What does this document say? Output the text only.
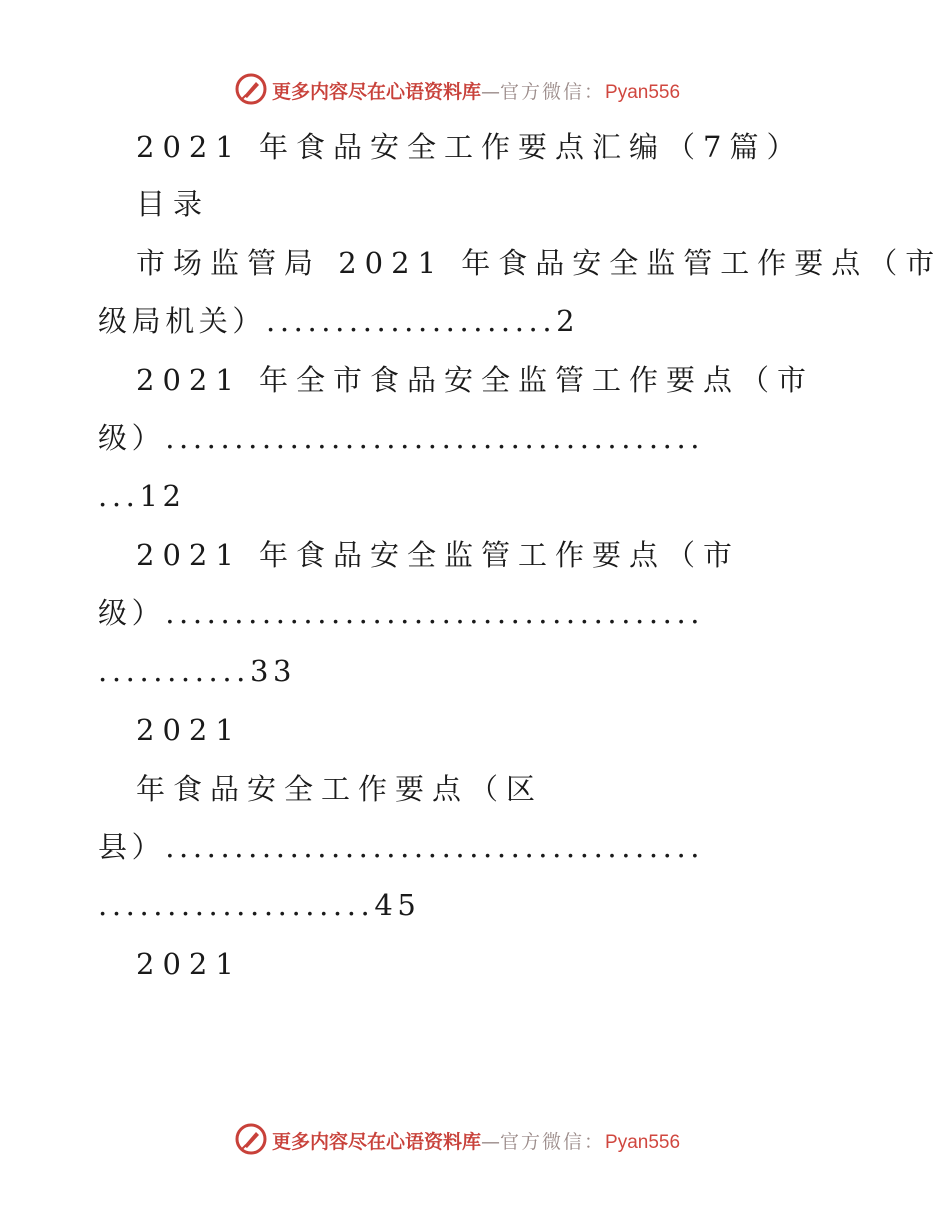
更多内容尽在心语资料库—官方微信：Pyan556
2021 年食品安全工作要点汇编（7篇）
目录
市场监管局 2021 年食品安全监管工作要点（市
级局机关）.....................2
2021 年全市食品安全监管工作要点（市
级）.......................................
...12
2021 年食品安全监管工作要点（市
级）.......................................
...........33
2021
年食品安全工作要点（区
县）.......................................
....................45
2021
更多内容尽在心语资料库—官方微信：Pyan556
